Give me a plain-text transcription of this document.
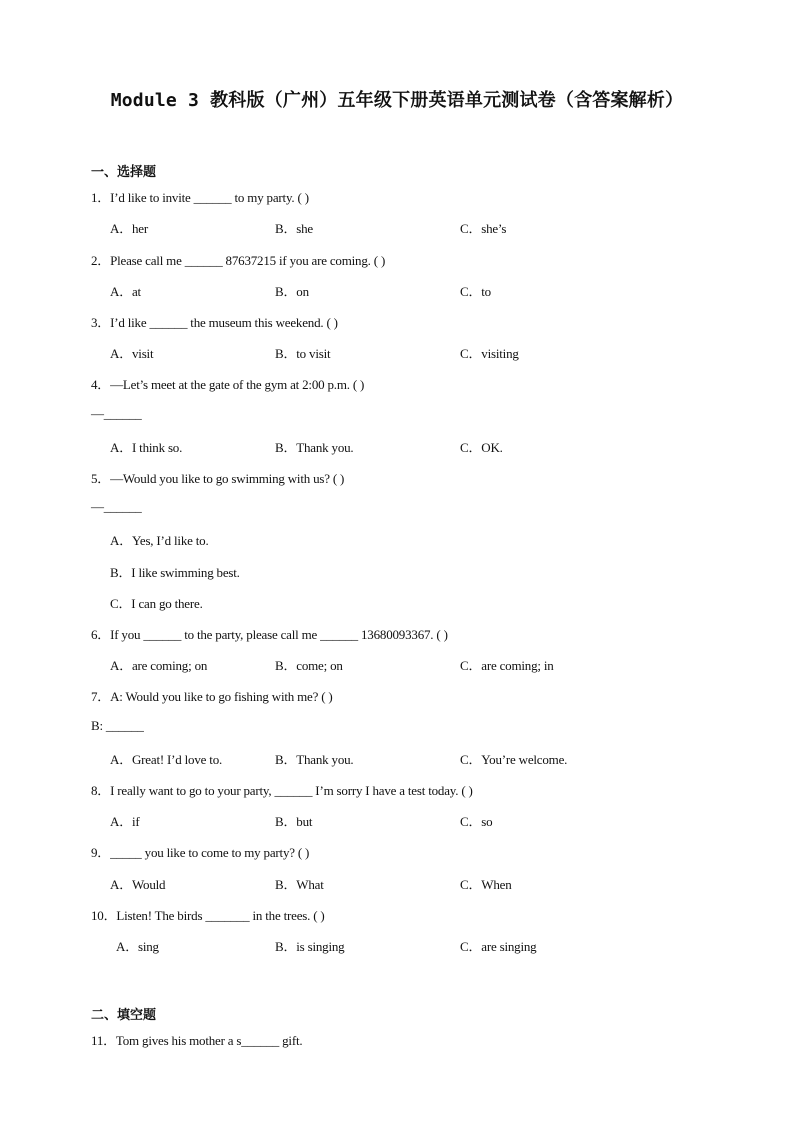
Module 3 教科版（广州）五年级下册英语单元测试卷（含答案解析）
一、选择题
1．I’d like to invite ______ to my party. ( )
A．her	B．she	C．she’s
2．Please call me ______ 87637215 if you are coming. ( )
A．at	B．on	C．to
3．I’d like ______ the museum this weekend. ( )
A．visit	B．to visit	C．visiting
4．—Let’s meet at the gate of the gym at 2:00 p.m. ( )
—______
A．I think so.	B．Thank you.	C．OK.
5．—Would you like to go swimming with us? ( )
—______
A．Yes, I’d like to.
B．I like swimming best.
C．I can go there.
6．If you ______ to the party, please call me ______ 13680093367. ( )
A．are coming; on	B．come; on	C．are coming; in
7．A: Would you like to go fishing with me? ( )
B: ______
A．Great! I’d love to.	B．Thank you.	C．You’re welcome.
8．I really want to go to your party, ______ I’m sorry I have a test today. ( )
A．if	B．but	C．so
9．_____ you like to come to my party? ( )
A．Would	B．What	C．When
10．Listen! The birds _______ in the trees. ( )
A．sing	B．is singing	C．are singing
二、填空题
11．Tom gives his mother a s______ gift.
